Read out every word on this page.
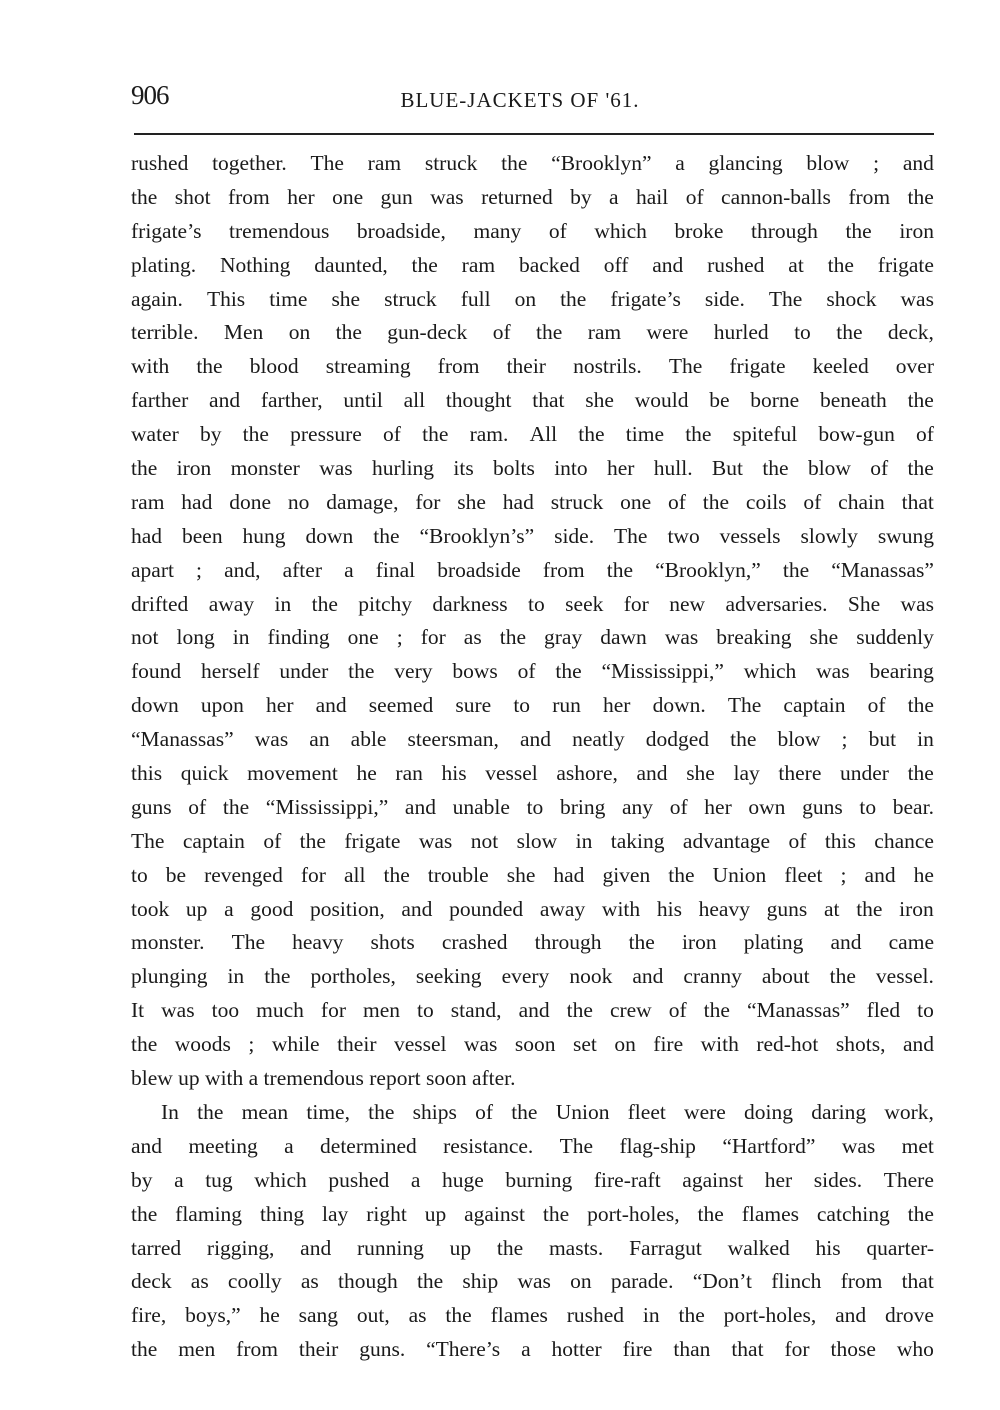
906	BLUE-JACKETS OF '61.
rushed together. The ram struck the “Brooklyn” a glancing blow ; and
the shot from her one gun was returned by a hail of cannon-balls from the
frigate’s tremendous broadside, many of which broke through the iron
plating. Nothing daunted, the ram backed off and rushed at the frigate
again. This time she struck full on the frigate’s side. The shock was
terrible. Men on the gun-deck of the ram were hurled to the deck,
with the blood streaming from their nostrils. The frigate keeled over
farther and farther, until all thought that she would be borne beneath the
water by the pressure of the ram. All the time the spiteful bow-gun of
the iron monster was hurling its bolts into her hull. But the blow of the
ram had done no damage, for she had struck one of the coils of chain that
had been hung down the “Brooklyn’s” side. The two vessels slowly swung
apart ; and, after a final broadside from the “Brooklyn,” the “Manassas”
drifted away in the pitchy darkness to seek for new adversaries. She was
not long in finding one ; for as the gray dawn was breaking she suddenly
found herself under the very bows of the “Mississippi,” which was bearing
down upon her and seemed sure to run her down. The captain of the
“Manassas” was an able steersman, and neatly dodged the blow ; but in
this quick movement he ran his vessel ashore, and she lay there under the
guns of the “Mississippi,” and unable to bring any of her own guns to bear.
The captain of the frigate was not slow in taking advantage of this chance
to be revenged for all the trouble she had given the Union fleet ; and he
took up a good position, and pounded away with his heavy guns at the iron
monster. The heavy shots crashed through the iron plating and came
plunging in the portholes, seeking every nook and cranny about the vessel.
It was too much for men to stand, and the crew of the “Manassas” fled to
the woods ; while their vessel was soon set on fire with red-hot shots, and
blew up with a tremendous report soon after.
In the mean time, the ships of the Union fleet were doing daring work,
and meeting a determined resistance. The flag-ship “Hartford” was met
by a tug which pushed a huge burning fire-raft against her sides. There
the flaming thing lay right up against the port-holes, the flames catching the
tarred rigging, and running up the masts. Farragut walked his quarter-
deck as coolly as though the ship was on parade. “Don’t flinch from that
fire, boys,” he sang out, as the flames rushed in the port-holes, and drove
the men from their guns. “There’s a hotter fire than that for those who
